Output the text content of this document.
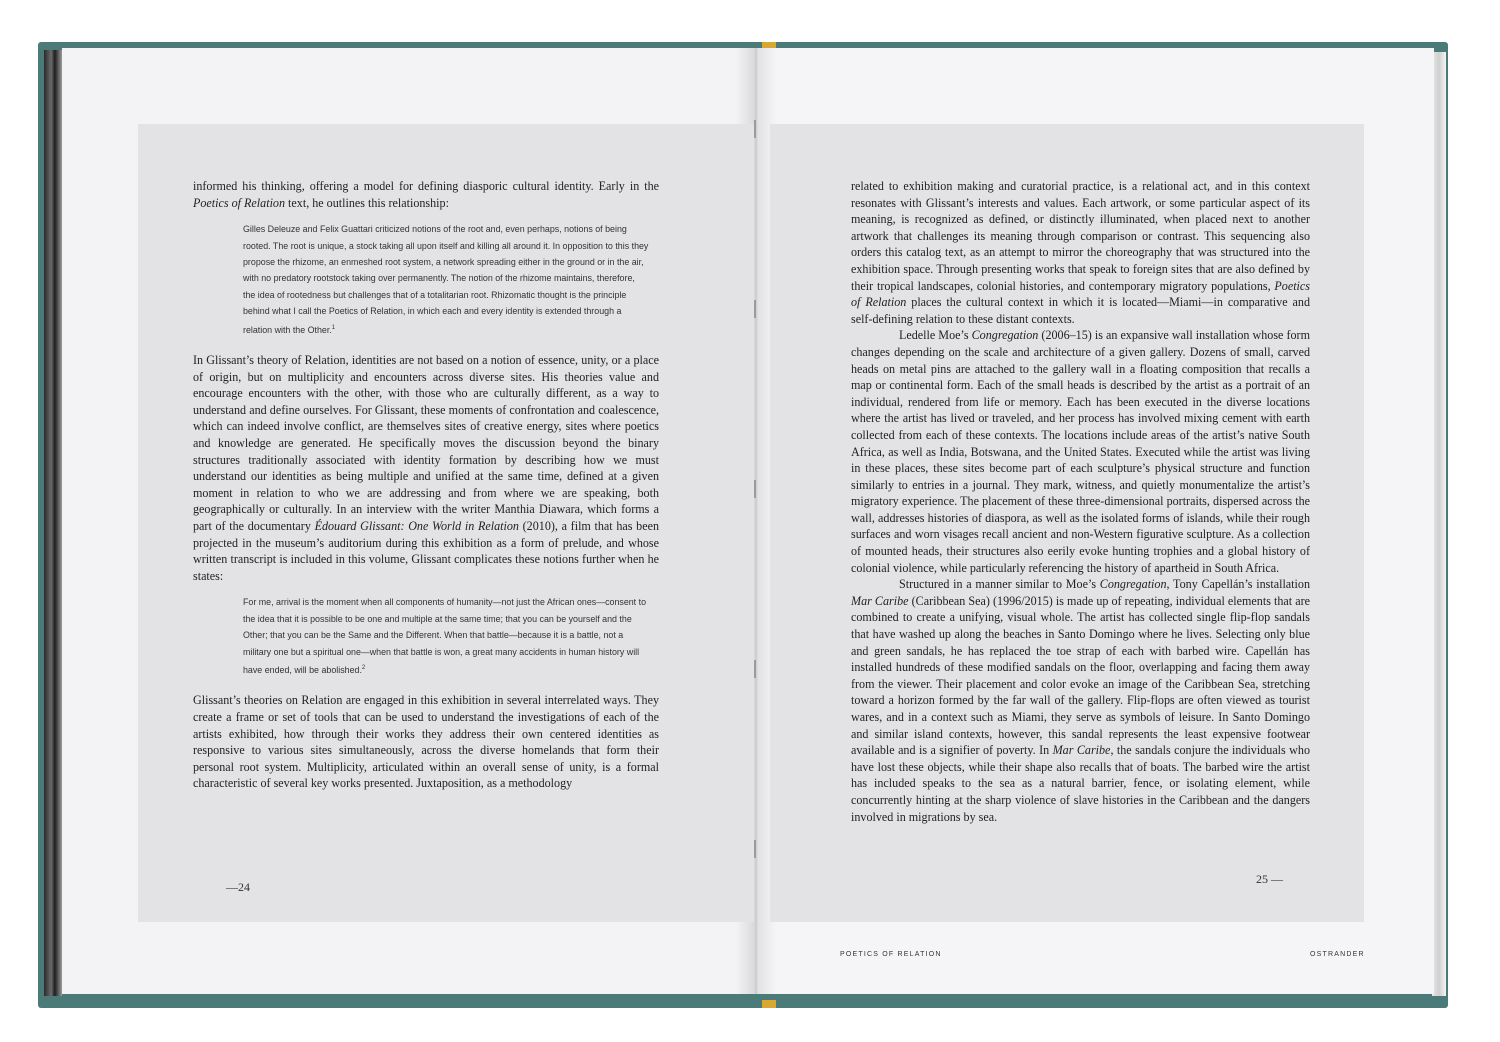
informed his thinking, offering a model for defining diasporic cultural identity. Early in the Poetics of Relation text, he outlines this relationship:

Gilles Deleuze and Felix Guattari criticized notions of the root and, even perhaps, notions of being rooted. The root is unique, a stock taking all upon itself and killing all around it. In opposition to this they propose the rhizome, an enmeshed root system, a network spreading either in the ground or in the air, with no predatory rootstock taking over permanently. The notion of the rhizome maintains, therefore, the idea of rootedness but challenges that of a totalitarian root. Rhizomatic thought is the principle behind what I call the Poetics of Relation, in which each and every identity is extended through a relation with the Other.$^1$

In Glissant’s theory of Relation, identities are not based on a notion of essence, unity, or a place of origin, but on multiplicity and encounters across diverse sites. His theories value and encourage encounters with the other, with those who are culturally different, as a way to understand and define ourselves. For Glissant, these moments of confrontation and coalescence, which can indeed involve conflict, are themselves sites of creative energy, sites where poetics and knowledge are generated. He specifically moves the discussion beyond the binary structures traditionally associated with identity formation by describing how we must understand our identities as being multiple and unified at the same time, defined at a given moment in relation to who we are addressing and from where we are speaking, both geographically or culturally. In an interview with the writer Manthia Diawara, which forms a part of the documentary Édouard Glissant: One World in Relation (2010), a film that has been projected in the museum’s auditorium during this exhibition as a form of prelude, and whose written transcript is included in this volume, Glissant complicates these notions further when he states:

For me, arrival is the moment when all components of humanity—not just the African ones—consent to the idea that it is possible to be one and multiple at the same time; that you can be yourself and the Other; that you can be the Same and the Different. When that battle—because it is a battle, not a military one but a spiritual one—when that battle is won, a great many accidents in human history will have ended, will be abolished.$^2$

Glissant’s theories on Relation are engaged in this exhibition in several interrelated ways. They create a frame or set of tools that can be used to understand the investigations of each of the artists exhibited, how through their works they address their own centered identities as responsive to various sites simultaneously, across the diverse homelands that form their personal root system. Multiplicity, articulated within an overall sense of unity, is a formal characteristic of several key works presented. Juxtaposition, as a methodology

related to exhibition making and curatorial practice, is a relational act, and in this context resonates with Glissant’s interests and values. Each artwork, or some particular aspect of its meaning, is recognized as defined, or distinctly illuminated, when placed next to another artwork that challenges its meaning through comparison or contrast. This sequencing also orders this catalog text, as an attempt to mirror the choreography that was structured into the exhibition space. Through presenting works that speak to foreign sites that are also defined by their tropical landscapes, colonial histories, and contemporary migratory populations, Poetics of Relation places the cultural context in which it is located—Miami—in comparative and self-defining relation to these distant contexts.

Ledelle Moe’s Congregation (2006–15) is an expansive wall installation whose form changes depending on the scale and architecture of a given gallery. Dozens of small, carved heads on metal pins are attached to the gallery wall in a floating composition that recalls a map or continental form. Each of the small heads is described by the artist as a portrait of an individual, rendered from life or memory. Each has been executed in the diverse locations where the artist has lived or traveled, and her process has involved mixing cement with earth collected from each of these contexts. The locations include areas of the artist’s native South Africa, as well as India, Botswana, and the United States. Executed while the artist was living in these places, these sites become part of each sculpture’s physical structure and function similarly to entries in a journal. They mark, witness, and quietly monumentalize the artist’s migratory experience. The placement of these three-dimensional portraits, dispersed across the wall, addresses histories of diaspora, as well as the isolated forms of islands, while their rough surfaces and worn visages recall ancient and non-Western figurative sculpture. As a collection of mounted heads, their structures also eerily evoke hunting trophies and a global history of colonial violence, while particularly referencing the history of apartheid in South Africa.

Structured in a manner similar to Moe’s Congregation, Tony Capellán’s installation Mar Caribe (Caribbean Sea) (1996/2015) is made up of repeating, individual elements that are combined to create a unifying, visual whole. The artist has collected single flip-flop sandals that have washed up along the beaches in Santo Domingo where he lives. Selecting only blue and green sandals, he has replaced the toe strap of each with barbed wire. Capellán has installed hundreds of these modified sandals on the floor, overlapping and facing them away from the viewer. Their placement and color evoke an image of the Caribbean Sea, stretching toward a horizon formed by the far wall of the gallery. Flip-flops are often viewed as tourist wares, and in a context such as Miami, they serve as symbols of leisure. In Santo Domingo and similar island contexts, however, this sandal represents the least expensive footwear available and is a signifier of poverty. In Mar Caribe, the sandals conjure the individuals who have lost these objects, while their shape also recalls that of boats. The barbed wire the artist has included speaks to the sea as a natural barrier, fence, or isolating element, while concurrently hinting at the sharp violence of slave histories in the Caribbean and the dangers involved in migrations by sea.

—24
25 —
POETICS OF RELATION	OSTRANDER
